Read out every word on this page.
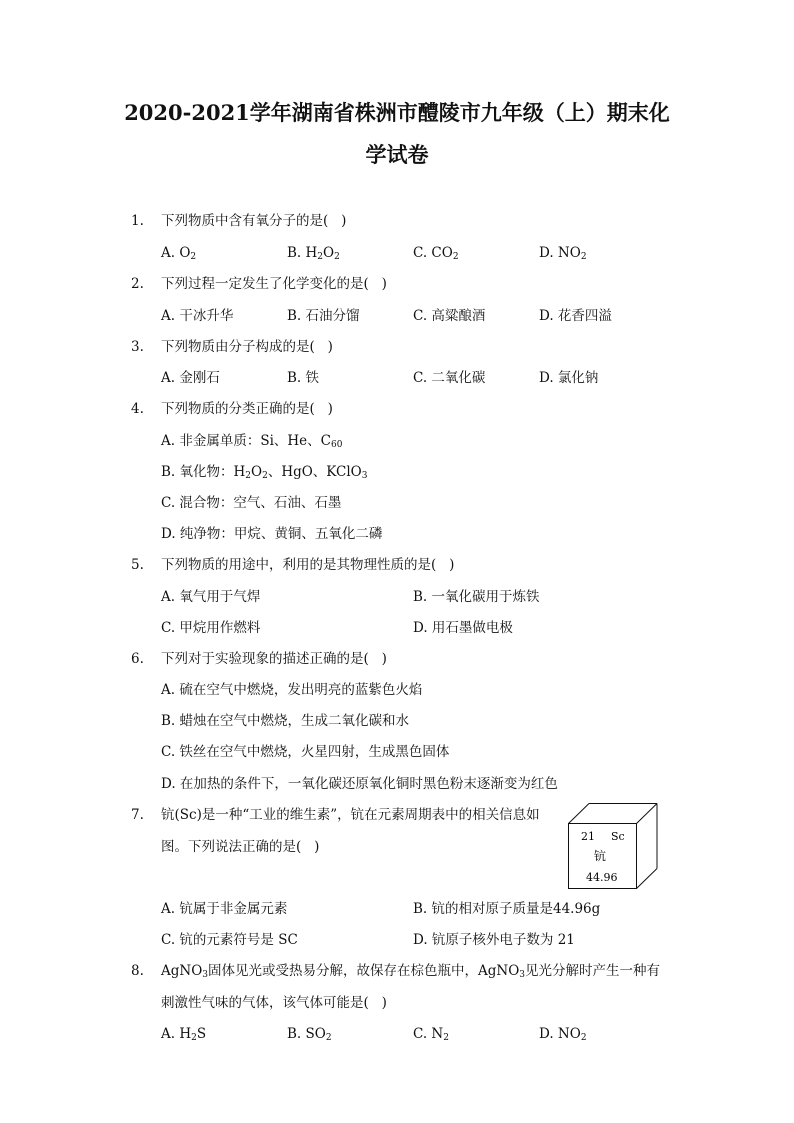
2020-2021学年湖南省株洲市醴陵市九年级（上）期末化
学试卷
1. 下列物质中含有氧分子的是(   )
A. $O_2$	B. $H_2O_2$	C. $CO_2$	D. $NO_2$
2. 下列过程一定发生了化学变化的是(   )
A. 干冰升华	B. 石油分馏	C. 高粱酿酒	D. 花香四溢
3. 下列物质由分子构成的是(   )
A. 金刚石	B. 铁	C. 二氧化碳	D. 氯化钠
4. 下列物质的分类正确的是(   )
A. 非金属单质：Si、He、$C_{60}$
B. 氧化物：$H_2O_2$、HgO、KClO$_3$
C. 混合物：空气、石油、石墨
D. 纯净物：甲烷、黄铜、五氧化二磷
5. 下列物质的用途中，利用的是其物理性质的是(   )
A. 氧气用于气焊	B. 一氧化碳用于炼铁
C. 甲烷用作燃料	D. 用石墨做电极
6. 下列对于实验现象的描述正确的是(   )
A. 硫在空气中燃烧，发出明亮的蓝紫色火焰
B. 蜡烛在空气中燃烧，生成二氧化碳和水
C. 铁丝在空气中燃烧，火星四射，生成黑色固体
D. 在加热的条件下，一氧化碳还原氧化铜时黑色粉末逐渐变为红色
7. 钪(Sc)是一种“工业的维生素”，钪在元素周期表中的相关信息如
图。下列说法正确的是(   )
21 Sc
钪
44.96
A. 钪属于非金属元素	B. 钪的相对原子质量是44.96g
C. 钪的元素符号是 SC	D. 钪原子核外电子数为 21
8. AgNO$_3$固体见光或受热易分解，故保存在棕色瓶中，AgNO$_3$见光分解时产生一种有
刺激性气味的气体，该气体可能是(   )
A. $H_2S$	B. $SO_2$	C. $N_2$	D. $NO_2$
